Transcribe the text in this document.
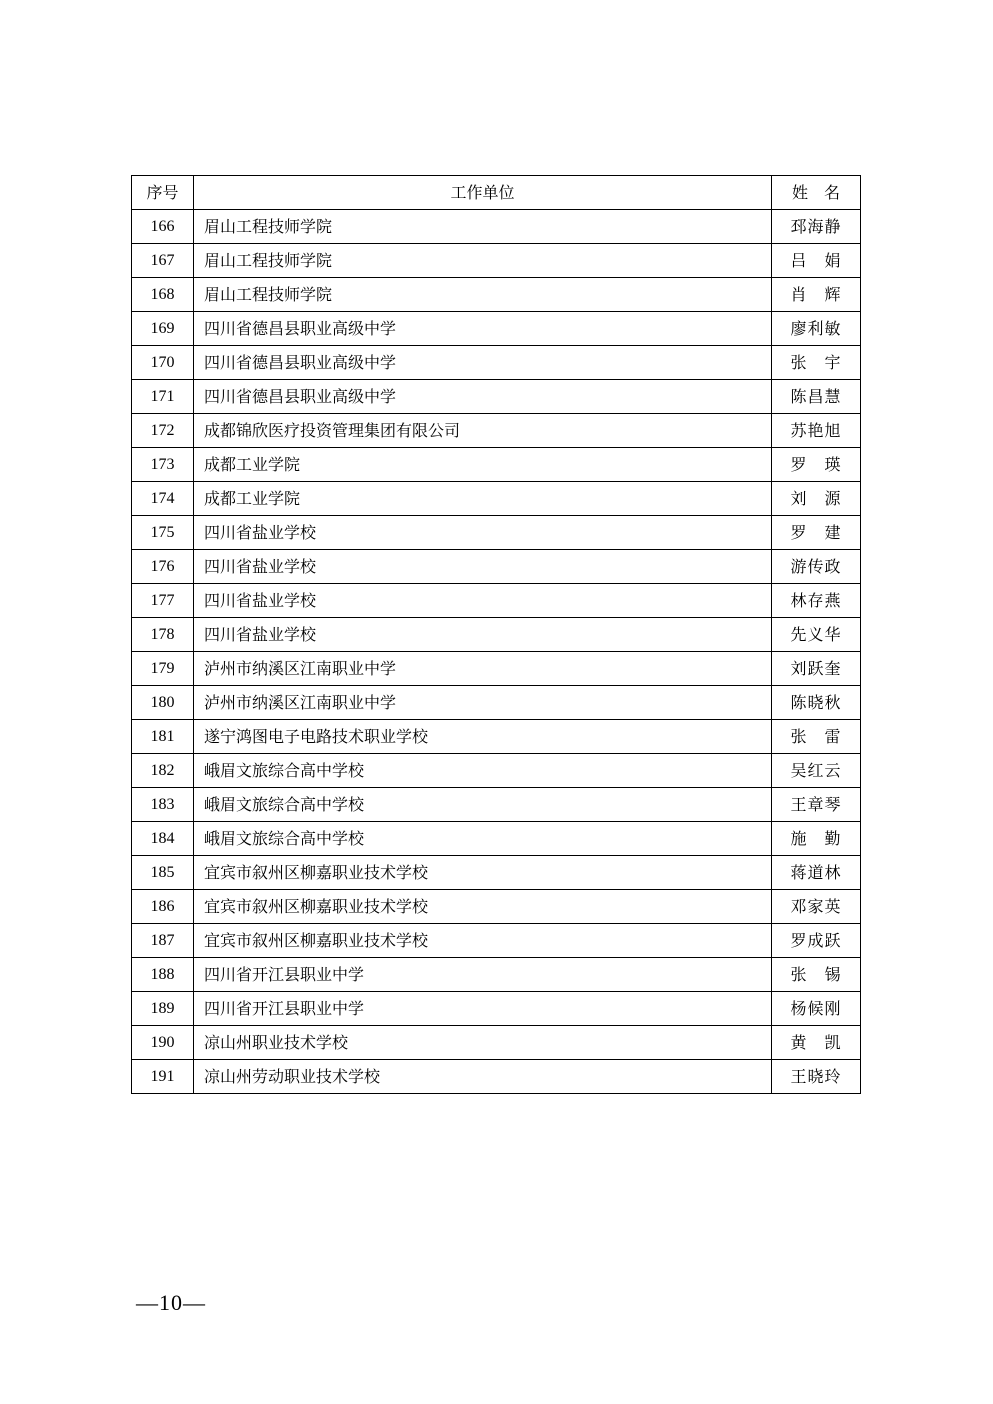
序号	工作单位	姓　名
166	眉山工程技师学院	邳海静
167	眉山工程技师学院	吕　娟
168	眉山工程技师学院	肖　辉
169	四川省德昌县职业高级中学	廖利敏
170	四川省德昌县职业高级中学	张　宇
171	四川省德昌县职业高级中学	陈昌慧
172	成都锦欣医疗投资管理集团有限公司	苏艳旭
173	成都工业学院	罗　瑛
174	成都工业学院	刘　源
175	四川省盐业学校	罗　建
176	四川省盐业学校	游传政
177	四川省盐业学校	林存燕
178	四川省盐业学校	先义华
179	泸州市纳溪区江南职业中学	刘跃奎
180	泸州市纳溪区江南职业中学	陈晓秋
181	遂宁鸿图电子电路技术职业学校	张　雷
182	峨眉文旅综合高中学校	吴红云
183	峨眉文旅综合高中学校	王章琴
184	峨眉文旅综合高中学校	施　勤
185	宜宾市叙州区柳嘉职业技术学校	蒋道林
186	宜宾市叙州区柳嘉职业技术学校	邓家英
187	宜宾市叙州区柳嘉职业技术学校	罗成跃
188	四川省开江县职业中学	张　锡
189	四川省开江县职业中学	杨候刚
190	凉山州职业技术学校	黄　凯
191	凉山州劳动职业技术学校	王晓玲
—10—
